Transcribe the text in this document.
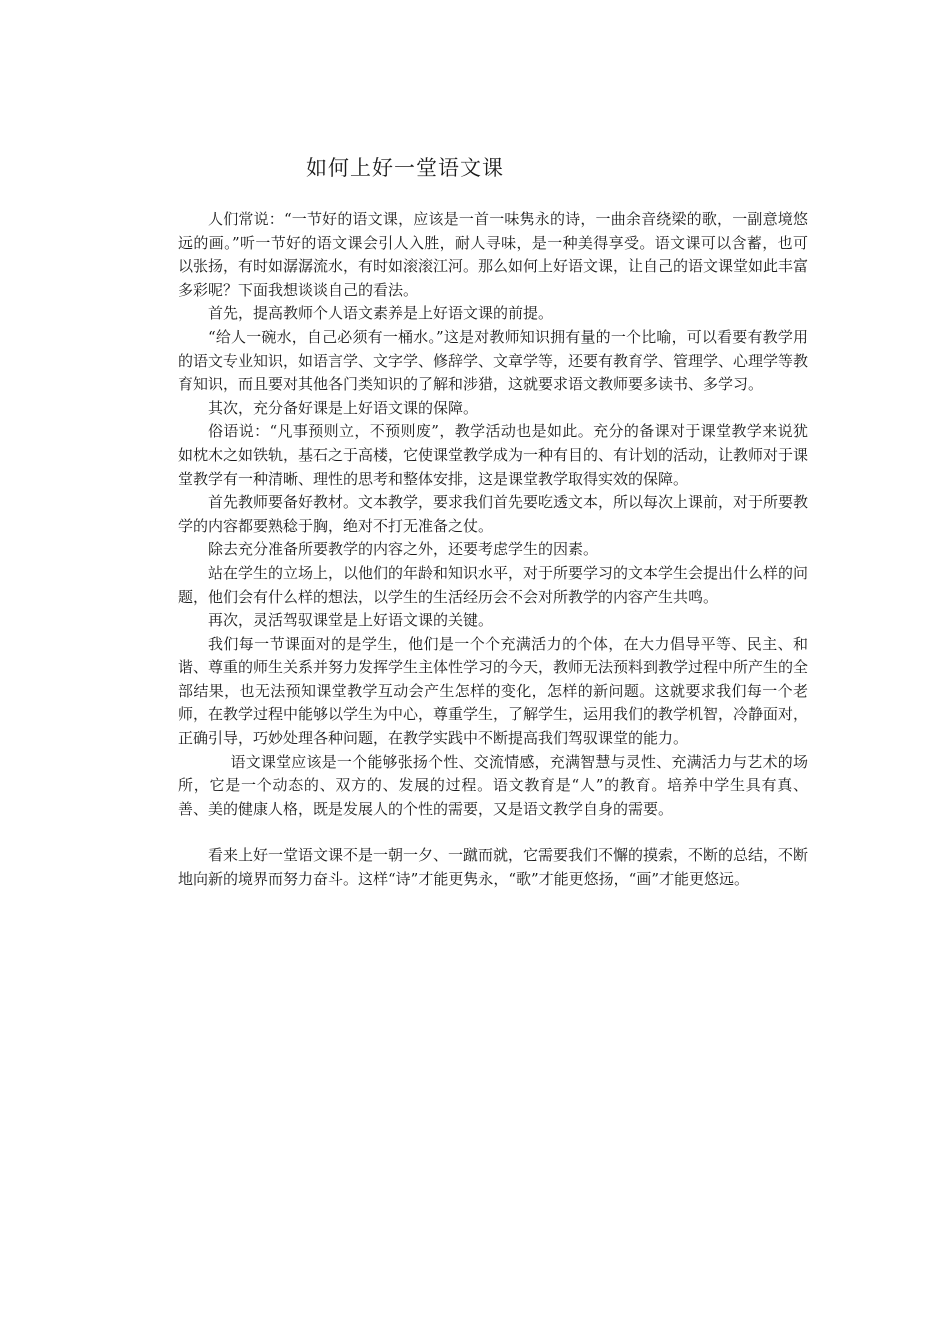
如何上好一堂语文课

人们常说：“一节好的语文课，应该是一首一味隽永的诗，一曲余音绕梁的歌，一副意境悠远的画。”听一节好的语文课会引人入胜，耐人寻味，是一种美得享受。语文课可以含蓄，也可以张扬，有时如潺潺流水，有时如滚滚江河。那么如何上好语文课，让自己的语文课堂如此丰富多彩呢？下面我想谈谈自己的看法。

首先，提高教师个人语文素养是上好语文课的前提。

“给人一碗水，自己必须有一桶水。”这是对教师知识拥有量的一个比喻，可以看要有教学用的语文专业知识，如语言学、文字学、修辞学、文章学等，还要有教育学、管理学、心理学等教育知识，而且要对其他各门类知识的了解和涉猎，这就要求语文教师要多读书、多学习。

其次，充分备好课是上好语文课的保障。

俗语说：“凡事预则立，不预则废”，教学活动也是如此。充分的备课对于课堂教学来说犹如枕木之如铁轨，基石之于高楼，它使课堂教学成为一种有目的、有计划的活动，让教师对于课堂教学有一种清晰、理性的思考和整体安排，这是课堂教学取得实效的保障。

首先教师要备好教材。文本教学，要求我们首先要吃透文本，所以每次上课前，对于所要教学的内容都要熟稔于胸，绝对不打无准备之仗。

除去充分准备所要教学的内容之外，还要考虑学生的因素。

站在学生的立场上，以他们的年龄和知识水平，对于所要学习的文本学生会提出什么样的问题，他们会有什么样的想法，以学生的生活经历会不会对所教学的内容产生共鸣。

再次，灵活驾驭课堂是上好语文课的关键。

我们每一节课面对的是学生，他们是一个个充满活力的个体，在大力倡导平等、民主、和谐、尊重的师生关系并努力发挥学生主体性学习的今天，教师无法预料到教学过程中所产生的全部结果，也无法预知课堂教学互动会产生怎样的变化，怎样的新问题。这就要求我们每一个老师，在教学过程中能够以学生为中心，尊重学生，了解学生，运用我们的教学机智，冷静面对，正确引导，巧妙处理各种问题，在教学实践中不断提高我们驾驭课堂的能力。

语文课堂应该是一个能够张扬个性、交流情感，充满智慧与灵性、充满活力与艺术的场所，它是一个动态的、双方的、发展的过程。语文教育是“人”的教育。培养中学生具有真、善、美的健康人格，既是发展人的个性的需要，又是语文教学自身的需要。

看来上好一堂语文课不是一朝一夕、一蹴而就，它需要我们不懈的摸索，不断的总结，不断地向新的境界而努力奋斗。这样“诗”才能更隽永，“歌”才能更悠扬，“画”才能更悠远。
